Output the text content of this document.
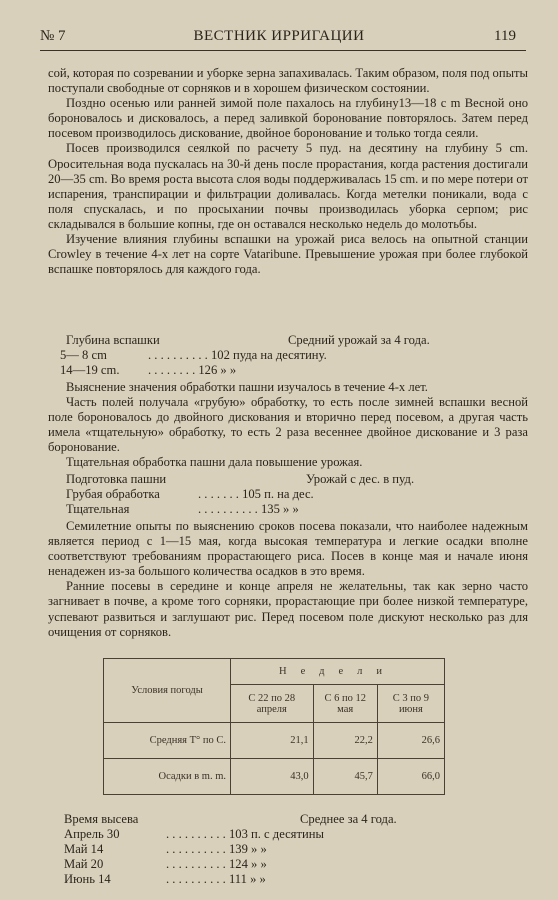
№ 7	ВЕСТНИК ИРРИГАЦИИ	119

сой, которая по созревании и уборке зерна запахивалась. Таким образом, поля под опыты поступали свободные от сорняков и в хорошем физическом состоянии.

Поздно осенью или ранней зимой поле пахалось на глубину13—18 с m Весной оно бороновалось и дисковалось, а перед заливкой боронование повторялось. Затем перед посевом производилось дискование, двойное боронование и только тогда сеяли.

Посев производился сеялкой по расчету 5 пуд. на десятину на глубину 5 cm. Оросительная вода пускалась на 30-й день после прорастания, когда растения достигали 20—35 cm. Во время роста высота слоя воды поддерживалась 15 cm. и по мере потери от испарения, транспирации и фильтрации доливалась. Когда метелки поникали, вода с поля спускалась, и по просыхании почвы производилась уборка серпом; рис складывался в большие копны, где он оставался несколько недель до молотьбы.

Изучение влияния глубины вспашки на урожай риса велось на опытной станции Crowley в течение 4-х лет на сорте Vataribune. Превышение урожая при более глубокой вспашке повторялось для каждого года.

Глубина вспашки	Средний урожай за 4 года.
5— 8 cm	. . . . . . . . . . 102 пуда на десятину.
14—19 cm. . . . . . . . . 126 » »

Выяснение значения обработки пашни изучалось в течение 4-х лет.

Часть полей получала «грубую» обработку, то есть после зимней вспашки весной поле бороновалось до двойного дискования и вторично перед посевом, а другая часть имела «тщательную» обработку, то есть 2 раза весеннее двойное дискование и 3 раза боронование.

Тщательная обработка пашни дала повышение урожая.

Подготовка пашни	Урожай с дес. в пуд.
Грубая обработка	. . . . . . . 105 п. на дес.
Тщательная	. . . . . . . . . . 135 » »

Семилетние опыты по выяснению сроков посева показали, что наиболее надежным является период с 1—15 мая, когда высокая температура и легкие осадки вполне соответствуют требованиям прорастающего риса. Посев в конце мая и начале июня ненадежен из-за большого количества осадков в это время.

Ранние посевы в середине и конце апреля не желательны, так как зерно часто загнивает в почве, а кроме того сорняки, прорастающие при более низкой температуре, успевают развиться и заглушают рис. Перед посевом поле дискуют несколько раз для очищения от сорняков.

Условия погоды	Недели		
	С 22 по 28 апреля	С 6 по 12 мая	С 3 по 9 июня
Средняя T° по С.	21,1	22,2	26,6
Осадки в m. m.	43,0	45,7	66,0
Время высева	Среднее за 4 года.
Апрель 30	. . . . . . . . . . 103 п. с десятины
Май 14	. . . . . . . . . . 139 » »
Май 20	. . . . . . . . . . 124 » »
Июнь 14	. . . . . . . . . . 111 » »
